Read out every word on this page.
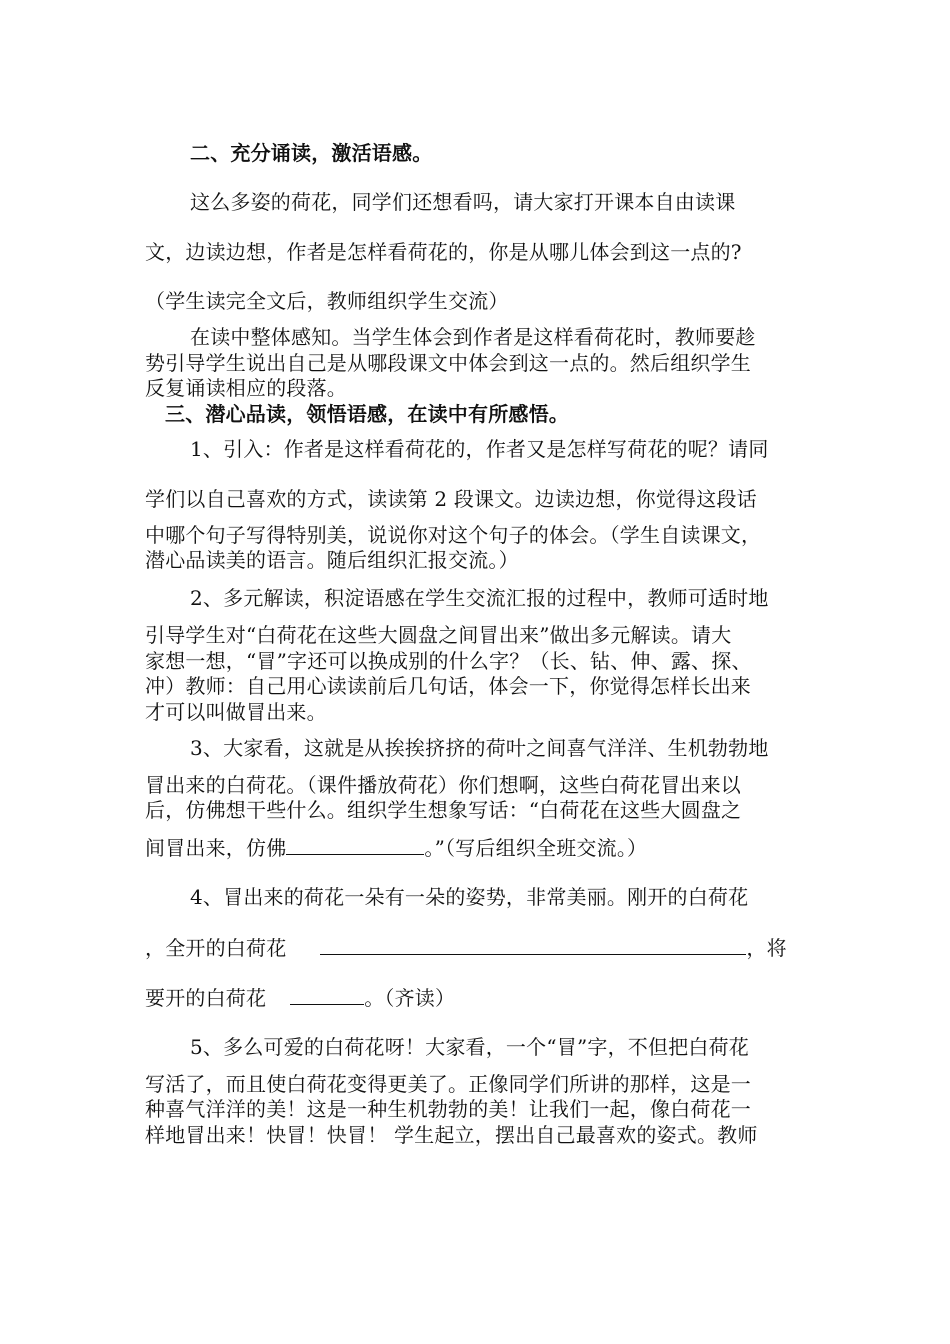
二、充分诵读，激活语感。
这么多姿的荷花，同学们还想看吗，请大家打开课本自由读课
文，边读边想，作者是怎样看荷花的，你是从哪儿体会到这一点的?
（学生读完全文后，教师组织学生交流）
在读中整体感知。当学生体会到作者是这样看荷花时，教师要趁
势引导学生说出自己是从哪段课文中体会到这一点的。然后组织学生
反复诵读相应的段落。
三、潜心品读，领悟语感，在读中有所感悟。
1、引入：作者是这样看荷花的，作者又是怎样写荷花的呢？请同
学们以自己喜欢的方式，读读第 2 段课文。边读边想，你觉得这段话
中哪个句子写得特别美，说说你对这个句子的体会。（学生自读课文，
潜心品读美的语言。随后组织汇报交流。）
2、多元解读，积淀语感在学生交流汇报的过程中，教师可适时地
引导学生对“白荷花在这些大圆盘之间冒出来”做出多元解读。请大
家想一想，“冒”字还可以换成别的什么字？（长、钻、伸、露、探、
冲）教师：自己用心读读前后几句话，体会一下，你觉得怎样长出来
才可以叫做冒出来。
3、大家看，这就是从挨挨挤挤的荷叶之间喜气洋洋、生机勃勃地
冒出来的白荷花。（课件播放荷花）你们想啊，这些白荷花冒出来以
后，仿佛想干些什么。组织学生想象写话：“白荷花在这些大圆盘之
间冒出来，仿佛	。”（写后组织全班交流。）
4、冒出来的荷花一朵有一朵的姿势，非常美丽。刚开的白荷花
，全开的白荷花	，将
要开的白荷花	。（齐读）
5、多么可爱的白荷花呀！大家看，一个“冒”字，不但把白荷花
写活了，而且使白荷花变得更美了。正像同学们所讲的那样，这是一
种喜气洋洋的美！这是一种生机勃勃的美！让我们一起，像白荷花一
样地冒出来！快冒！快冒！ 学生起立，摆出自己最喜欢的姿式。教师
